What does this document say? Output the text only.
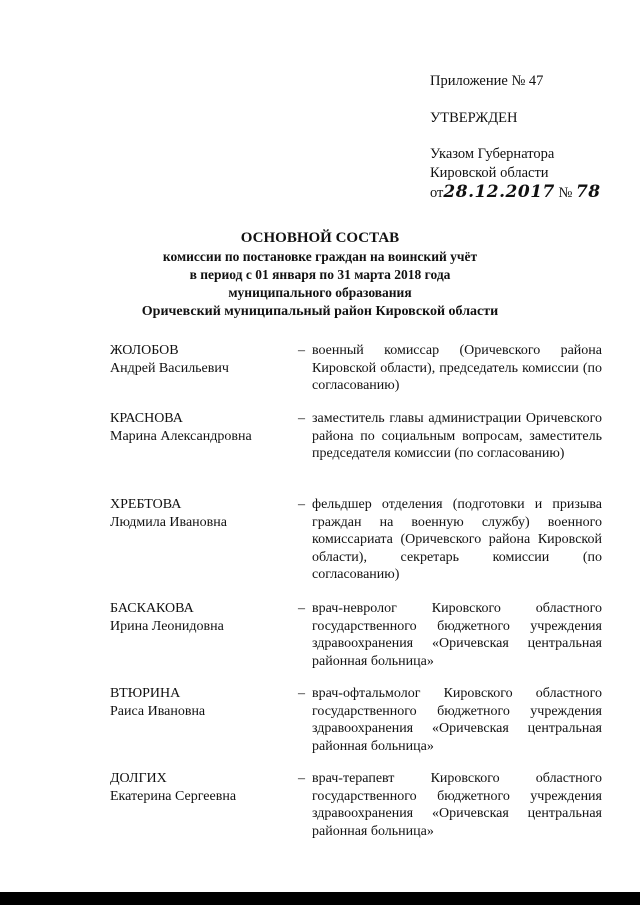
Приложение № 47
УТВЕРЖДЕН
Указом Губернатора
Кировской области
от28.12.2017 № 78
ОСНОВНОЙ СОСТАВ
комиссии по постановке граждан на воинский учёт
в период с 01 января по 31 марта 2018 года
муниципального образования
Оричевский муниципальный район Кировской области
ЖОЛОБОВ
Андрей Васильевич
– военный комиссар (Оричевского района Кировской области), председатель комиссии (по согласованию)
КРАСНОВА
Марина Александровна
– заместитель главы администрации Оричевского района по социальным вопросам, заместитель председателя комиссии (по согласованию)
ХРЕБТОВА
Людмила Ивановна
– фельдшер отделения (подготовки и призыва граждан на военную службу) военного комиссариата (Оричевского района Кировской области), секретарь комиссии (по согласованию)
БАСКАКОВА
Ирина Леонидовна
– врач-невролог Кировского областного государственного бюджетного учреждения здравоохранения «Оричевская центральная районная больница»
ВТЮРИНА
Раиса Ивановна
– врач-офтальмолог Кировского областного государственного бюджетного учреждения здравоохранения «Оричевская центральная районная больница»
ДОЛГИХ
Екатерина Сергеевна
– врач-терапевт Кировского областного государственного бюджетного учреждения здравоохранения «Оричевская центральная районная больница»
